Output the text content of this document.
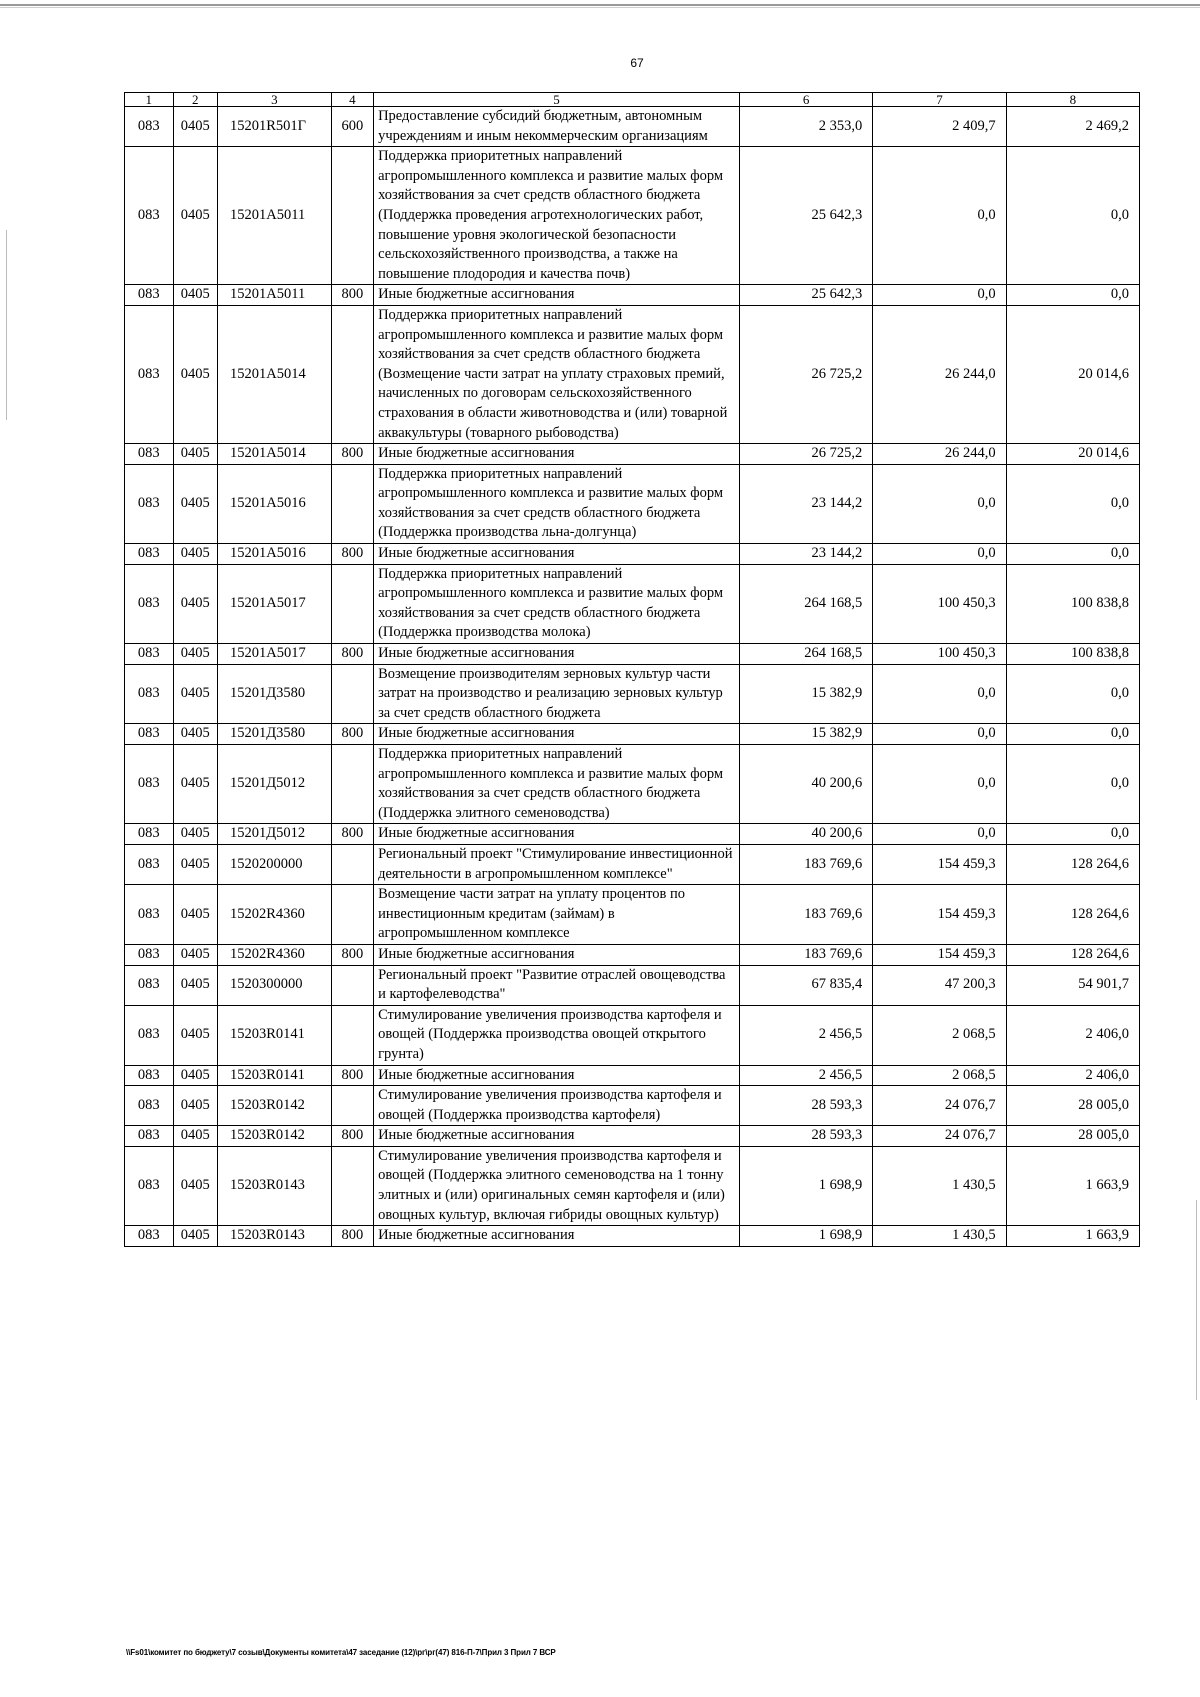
67
1	2	3	4	5	6	7	8
083	0405	15201R501Г	600	Предоставление субсидий бюджетным, автономным учреждениям и иным некоммерческим организациям	2 353,0	2 409,7	2 469,2
083	0405	15201A5011		Поддержка приоритетных направлений агропромышленного комплекса и развитие малых форм хозяйствования за счет средств областного бюджета (Поддержка проведения агротехнологических работ, повышение уровня экологической безопасности сельскохозяйственного производства, а также на повышение плодородия и качества почв)	25 642,3	0,0	0,0
083	0405	15201A5011	800	Иные бюджетные ассигнования	25 642,3	0,0	0,0
083	0405	15201A5014		Поддержка приоритетных направлений агропромышленного комплекса и развитие малых форм хозяйствования за счет средств областного бюджета (Возмещение части затрат на уплату страховых премий, начисленных по договорам сельскохозяйственного страхования в области животноводства и (или) товарной аквакультуры (товарного рыбоводства)	26 725,2	26 244,0	20 014,6
083	0405	15201A5014	800	Иные бюджетные ассигнования	26 725,2	26 244,0	20 014,6
083	0405	15201A5016		Поддержка приоритетных направлений агропромышленного комплекса и развитие малых форм хозяйствования за счет средств областного бюджета (Поддержка производства льна-долгунца)	23 144,2	0,0	0,0
083	0405	15201A5016	800	Иные бюджетные ассигнования	23 144,2	0,0	0,0
083	0405	15201A5017		Поддержка приоритетных направлений агропромышленного комплекса и развитие малых форм хозяйствования за счет средств областного бюджета (Поддержка производства молока)	264 168,5	100 450,3	100 838,8
083	0405	15201A5017	800	Иные бюджетные ассигнования	264 168,5	100 450,3	100 838,8
083	0405	15201Д3580		Возмещение производителям зерновых культур части затрат на производство и реализацию зерновых культур за счет средств областного бюджета	15 382,9	0,0	0,0
083	0405	15201Д3580	800	Иные бюджетные ассигнования	15 382,9	0,0	0,0
083	0405	15201Д5012		Поддержка приоритетных направлений агропромышленного комплекса и развитие малых форм хозяйствования за счет средств областного бюджета (Поддержка элитного семеноводства)	40 200,6	0,0	0,0
083	0405	15201Д5012	800	Иные бюджетные ассигнования	40 200,6	0,0	0,0
083	0405	1520200000		Региональный проект "Стимулирование инвестиционной деятельности в агропромышленном комплексе"	183 769,6	154 459,3	128 264,6
083	0405	15202R4360		Возмещение части затрат на уплату процентов по инвестиционным кредитам (займам) в агропромышленном комплексе	183 769,6	154 459,3	128 264,6
083	0405	15202R4360	800	Иные бюджетные ассигнования	183 769,6	154 459,3	128 264,6
083	0405	1520300000		Региональный проект "Развитие отраслей овощеводства и картофелеводства"	67 835,4	47 200,3	54 901,7
083	0405	15203R0141		Стимулирование увеличения производства картофеля и овощей (Поддержка производства овощей открытого грунта)	2 456,5	2 068,5	2 406,0
083	0405	15203R0141	800	Иные бюджетные ассигнования	2 456,5	2 068,5	2 406,0
083	0405	15203R0142		Стимулирование увеличения производства картофеля и овощей (Поддержка производства картофеля)	28 593,3	24 076,7	28 005,0
083	0405	15203R0142	800	Иные бюджетные ассигнования	28 593,3	24 076,7	28 005,0
083	0405	15203R0143		Стимулирование увеличения производства картофеля и овощей (Поддержка элитного семеноводства на 1 тонну элитных и (или) оригинальных семян картофеля и (или) овощных культур, включая гибриды овощных культур)	1 698,9	1 430,5	1 663,9
083	0405	15203R0143	800	Иные бюджетные ассигнования	1 698,9	1 430,5	1 663,9
\\Fs01\комитет по бюджету\7 созыв\Документы комитета\47 заседание (12)\рг\рг(47) 816-П-7\Прил 3 Прил 7 ВСР
